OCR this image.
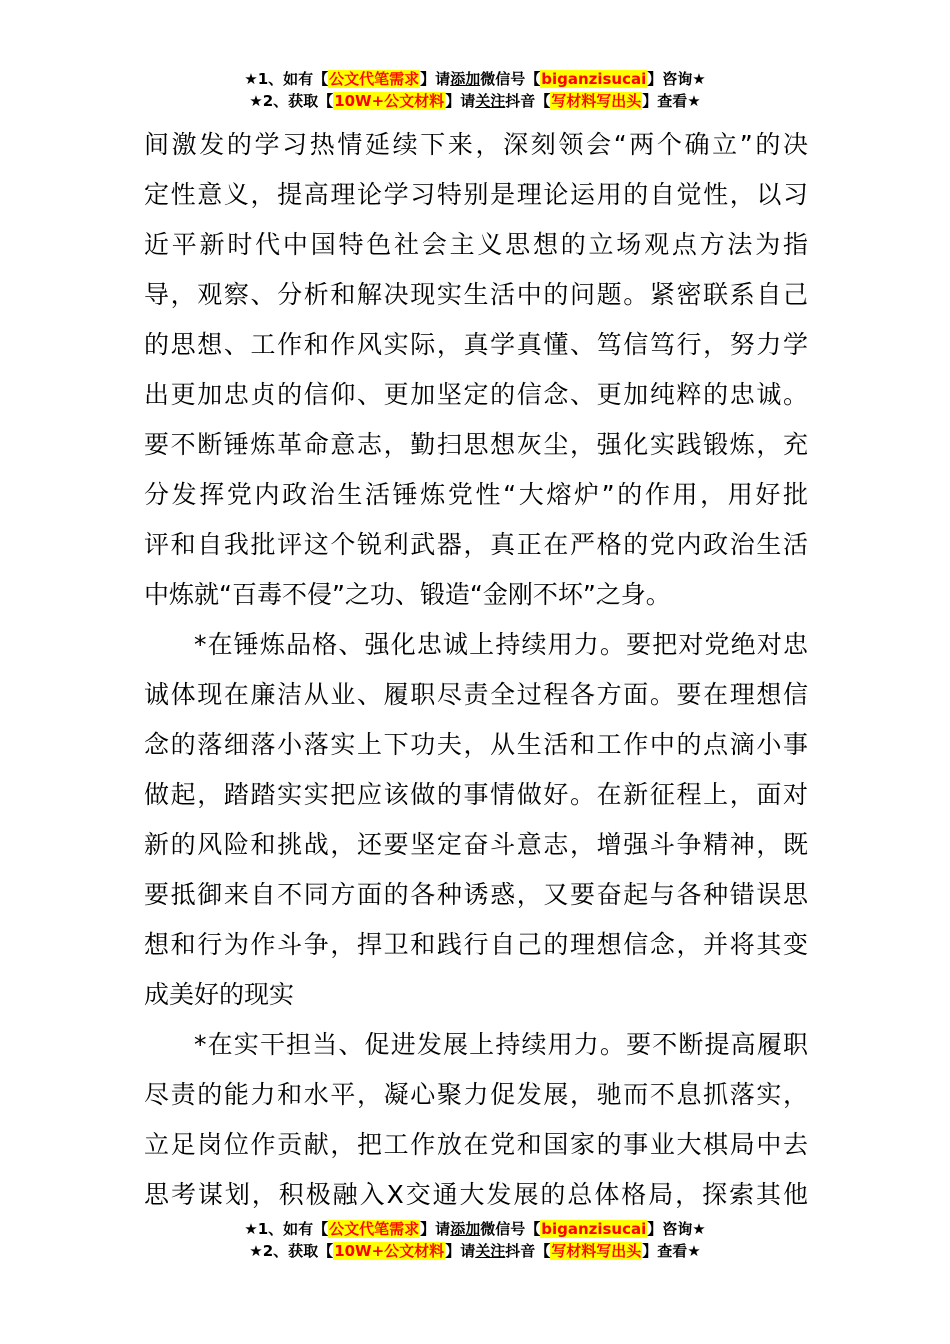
★1、如有【公文代笔需求】请添加微信号【biganzisucai】咨询★
★2、获取【10W+公文材料】请关注抖音【写材料写出头】查看★
间激发的学习热情延续下来，深刻领会“两个确立”的决
定性意义，提高理论学习特别是理论运用的自觉性，以习
近平新时代中国特色社会主义思想的立场观点方法为指
导，观察、分析和解决现实生活中的问题。紧密联系自己
的思想、工作和作风实际，真学真懂、笃信笃行，努力学
出更加忠贞的信仰、更加坚定的信念、更加纯粹的忠诚。
要不断锤炼革命意志，勤扫思想灰尘，强化实践锻炼，充
分发挥党内政治生活锤炼党性“大熔炉”的作用，用好批
评和自我批评这个锐利武器，真正在严格的党内政治生活
中炼就“百毒不侵”之功、锻造“金刚不坏”之身。
*在锤炼品格、强化忠诚上持续用力。要把对党绝对忠
诚体现在廉洁从业、履职尽责全过程各方面。要在理想信
念的落细落小落实上下功夫，从生活和工作中的点滴小事
做起，踏踏实实把应该做的事情做好。在新征程上，面对
新的风险和挑战，还要坚定奋斗意志，增强斗争精神，既
要抵御来自不同方面的各种诱惑，又要奋起与各种错误思
想和行为作斗争，捍卫和践行自己的理想信念，并将其变
成美好的现实
*在实干担当、促进发展上持续用力。要不断提高履职
尽责的能力和水平，凝心聚力促发展，驰而不息抓落实，
立足岗位作贡献，把工作放在党和国家的事业大棋局中去
思考谋划，积极融入X交通大发展的总体格局，探索其他
★1、如有【公文代笔需求】请添加微信号【biganzisucai】咨询★
★2、获取【10W+公文材料】请关注抖音【写材料写出头】查看★
